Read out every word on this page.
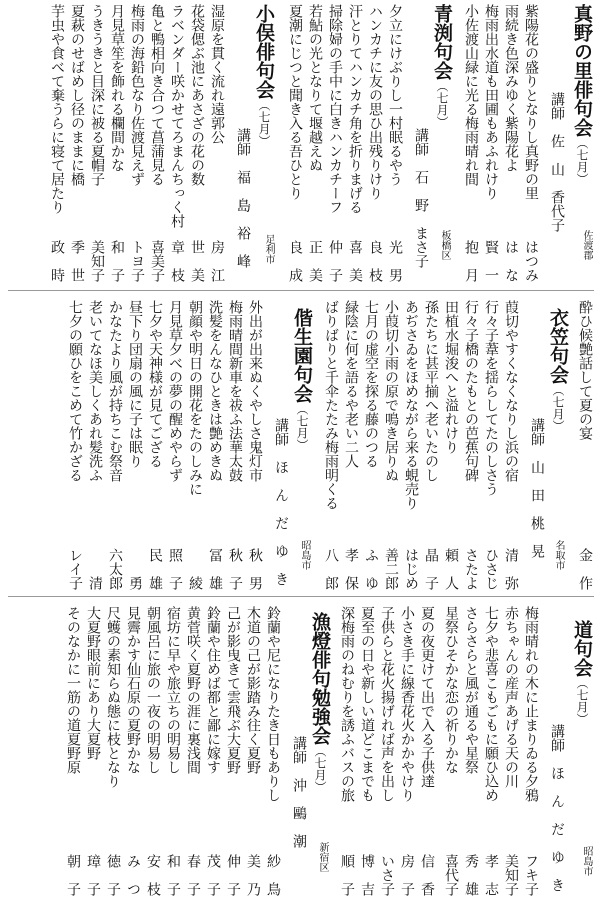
真野の里俳句会（七月）
佐渡郡
講師　佐　山　香代子
紫陽花の盛りとなりし真野の里
はつみ
雨続き色深みゆく紫陽花よ
は　な
梅雨出水道も田圃もあふれけり
賢　一
小佐渡山緑に光る梅雨晴れ間
抱　月
青渕句会（七月）
講師　石　野　まさ子 板橋区
夕立にけぶりし一村眠るやう
光　男
ハンカチに友の思ひ出残りけり
良　枝
汗とりてハンカチ角を折りまげる
喜　美
掃除婦の手中に白きハンカチーフ
仲　子
若鮎の光となりて堰越えぬ
正　美
夏潮にじつと聞き入る吾ひとり
良　成
小俣俳句会（七月）
講師　福　島　裕　峰 足利市
湿原を貫く流れ遠郭公
房　江
花袋偲ぶ池にあさざの花の数
世　美
ラベンダー咲かせてろまんちっく村
章　枝
亀と鴨相向き合つて菖蒲見る
喜美子
梅雨の海鉛色なり佐渡見えず
トヨ子
月見草笙を飾れる欄間かな
和　子
うきうきと目深に被る夏帽子
美知子
夏萩のせばめし径のままに橋
季　世
芋虫や食べて棄うらに寝て居たり
政　時
酔ひ候艶話して夏の宴
金　作
衣笠句会（七月）
講師　山　田　桃　晃 名取市
葭切やすくなくなりし浜の宿
清　弥
行々子葦を揺らしてたのしさう
ひさじ
行々子橋のたもとの芭蕉句碑
さたよ
田植水堀浚へと溢れけり
頼　人
孫たちに甚平揃へ老いたのし
晶　子
あぢさゐをほめながら来る蜆売り
はじめ
小葭切小雨の原で鳴き居りぬ
善二郎
七月の虚空を探る藤のつる
ふ　ゆ
緑陰に何を語るや老い二人
孝　保
ばりばりと千伞たたみ梅雨明くる
八　郎
偕生園句会（七月）
講師　ほ　ん　だ　ゆ　き 昭島市
外出が出来ぬくやしさ鬼灯市
秋　男
梅雨晴間新車を祓ふ法華太鼓
秋　子
洗髪をんなひときは艶めきぬ
冨　雄
朝顔や明日の開花をたのしみに
綾
月見草夕べの夢の醒めやらず
照　子
七夕や天神様が見てござる
民　雄
昼下り団扇の風に子は眠り
勇
かなたより風が持ちこむ祭音
六太郎
老いてなほ美しくあれ髪洗ふ
清
七夕の願ひをこめて竹かざる
レイ子
道句会（七月）
講師　ほ　ん　だ　ゆ　き 昭島市
梅雨晴れの木に止まりゐる夕鴉
フキ子
赤ちゃんの産声あげる天の川
美知子
七夕や悲喜こもごもに願ひ込め
孝　志
さらさらと風が通るや星祭
秀　雄
星祭ひそかな恋の祈りかな
喜代子
夏の夜更けて出で入る子供達
信　香
小さき手に線香花火かかやけり
房　子
子供らと花火揚げれば声を出し
いさ子
夏至の日や新しい道どこまでも
博　吉
深梅雨のねむりを誘ふバスの旅
順　子
漁燈俳句勉強会（七月）
講師　沖　鷗　潮
新宿区
鈴蘭や尼になりたき日もありし
紗　鳥
木道の己が影踏み往く夏野
美　乃
己が影曳きて雲飛ぶ大夏野
伸　子
鈴蘭や住めば都と鄙に嫁す
茂　子
黄菅咲く夏野の涯に裏浅間
春　子
宿坊に早や旅立ちの明易し
和　子
朝風呂に旅の一夜の明易し
安　枝
見霽かす仙石原の夏野かな
み　つ
尺蠖の素知らぬ態に枝となり
徳　子
大夏野眼前にあり大夏野
璋　子
そのなかに一筋の道夏野原
朝　子
